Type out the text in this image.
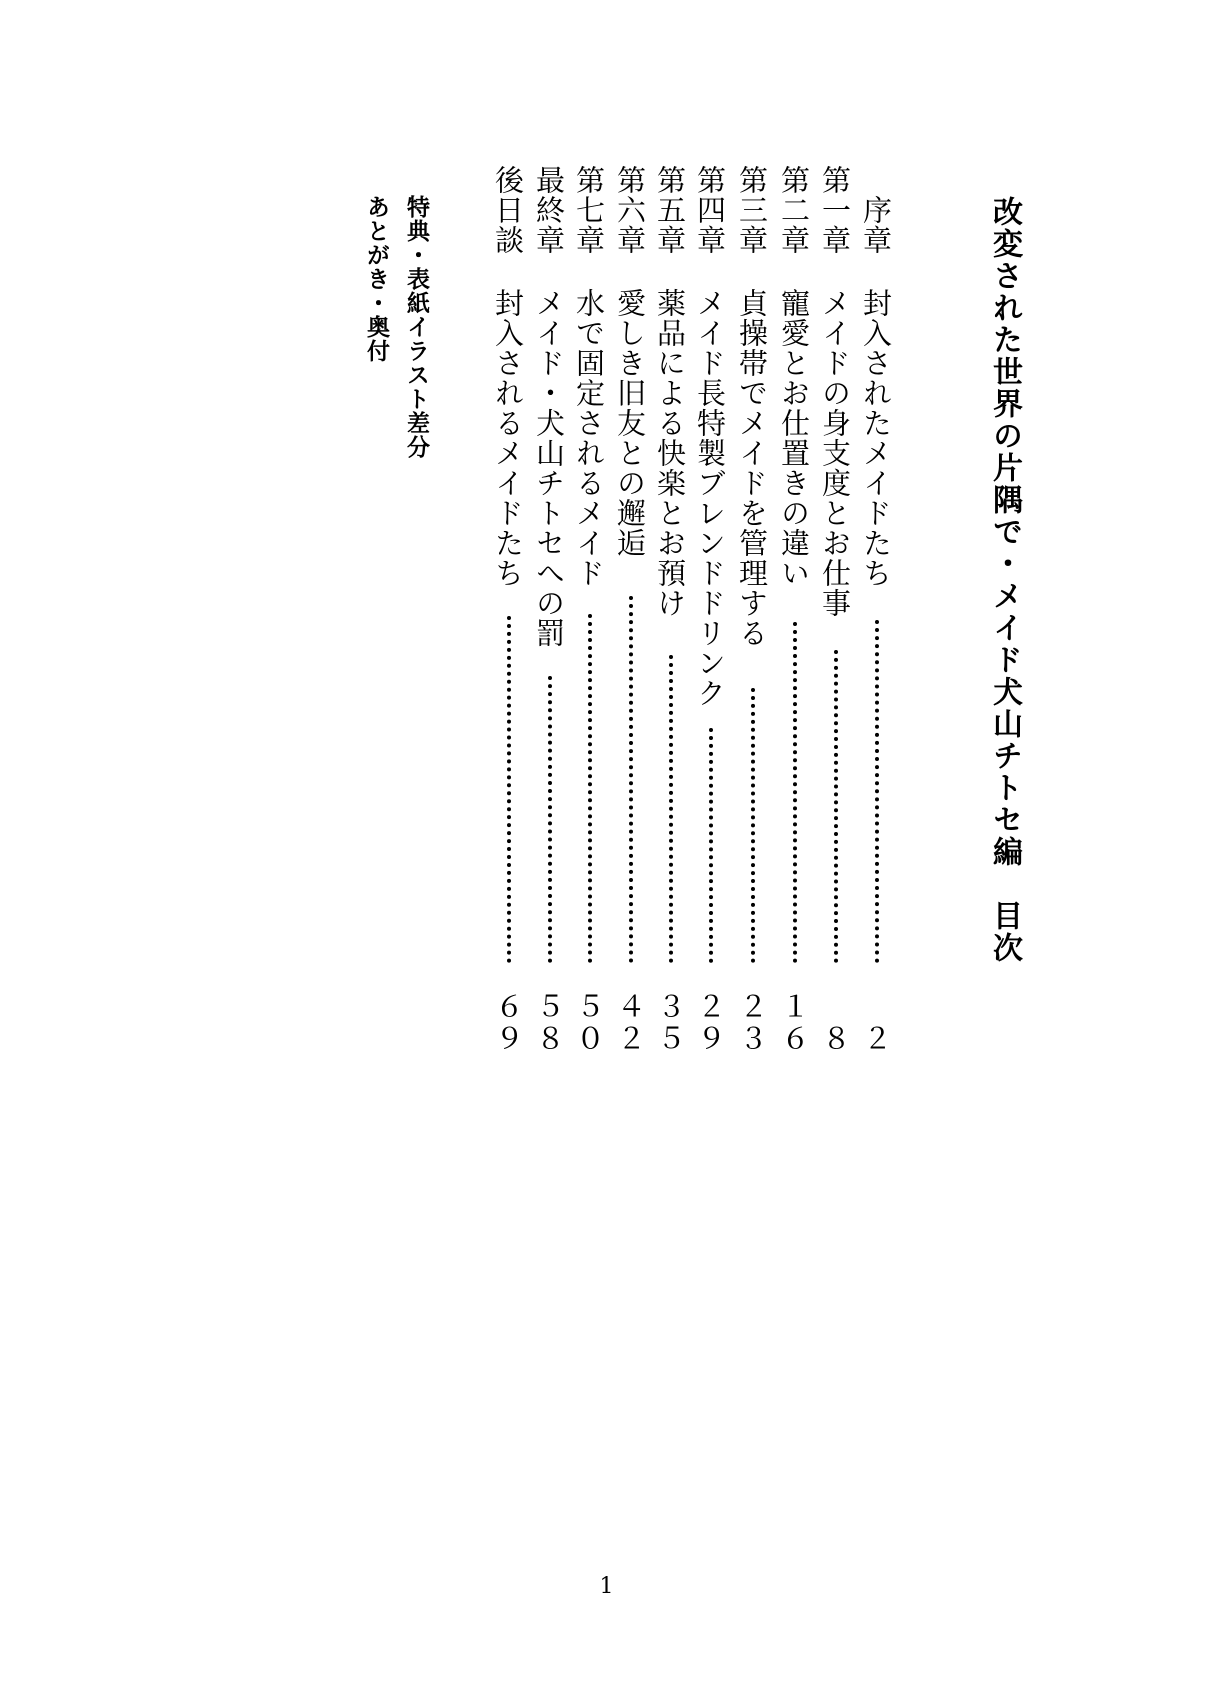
改変された世界の片隅で・メイド犬山チトセ編　目次
　序章
封入されたメイドたち
２
第一章
メイドの身支度とお仕事
８
第二章
寵愛とお仕置きの違い
１６
第三章
貞操帯でメイドを管理する
２３
第四章
メイド長特製ブレンドドリンク
２９
第五章
薬品による快楽とお預け
３５
第六章
愛しき旧友との邂逅
４２
第七章
水で固定されるメイド
５０
最終章
メイド・犬山チトセへの罰
５８
後日談
封入されるメイドたち
６９
特典・表紙イラスト差分
あとがき・奥付
1
